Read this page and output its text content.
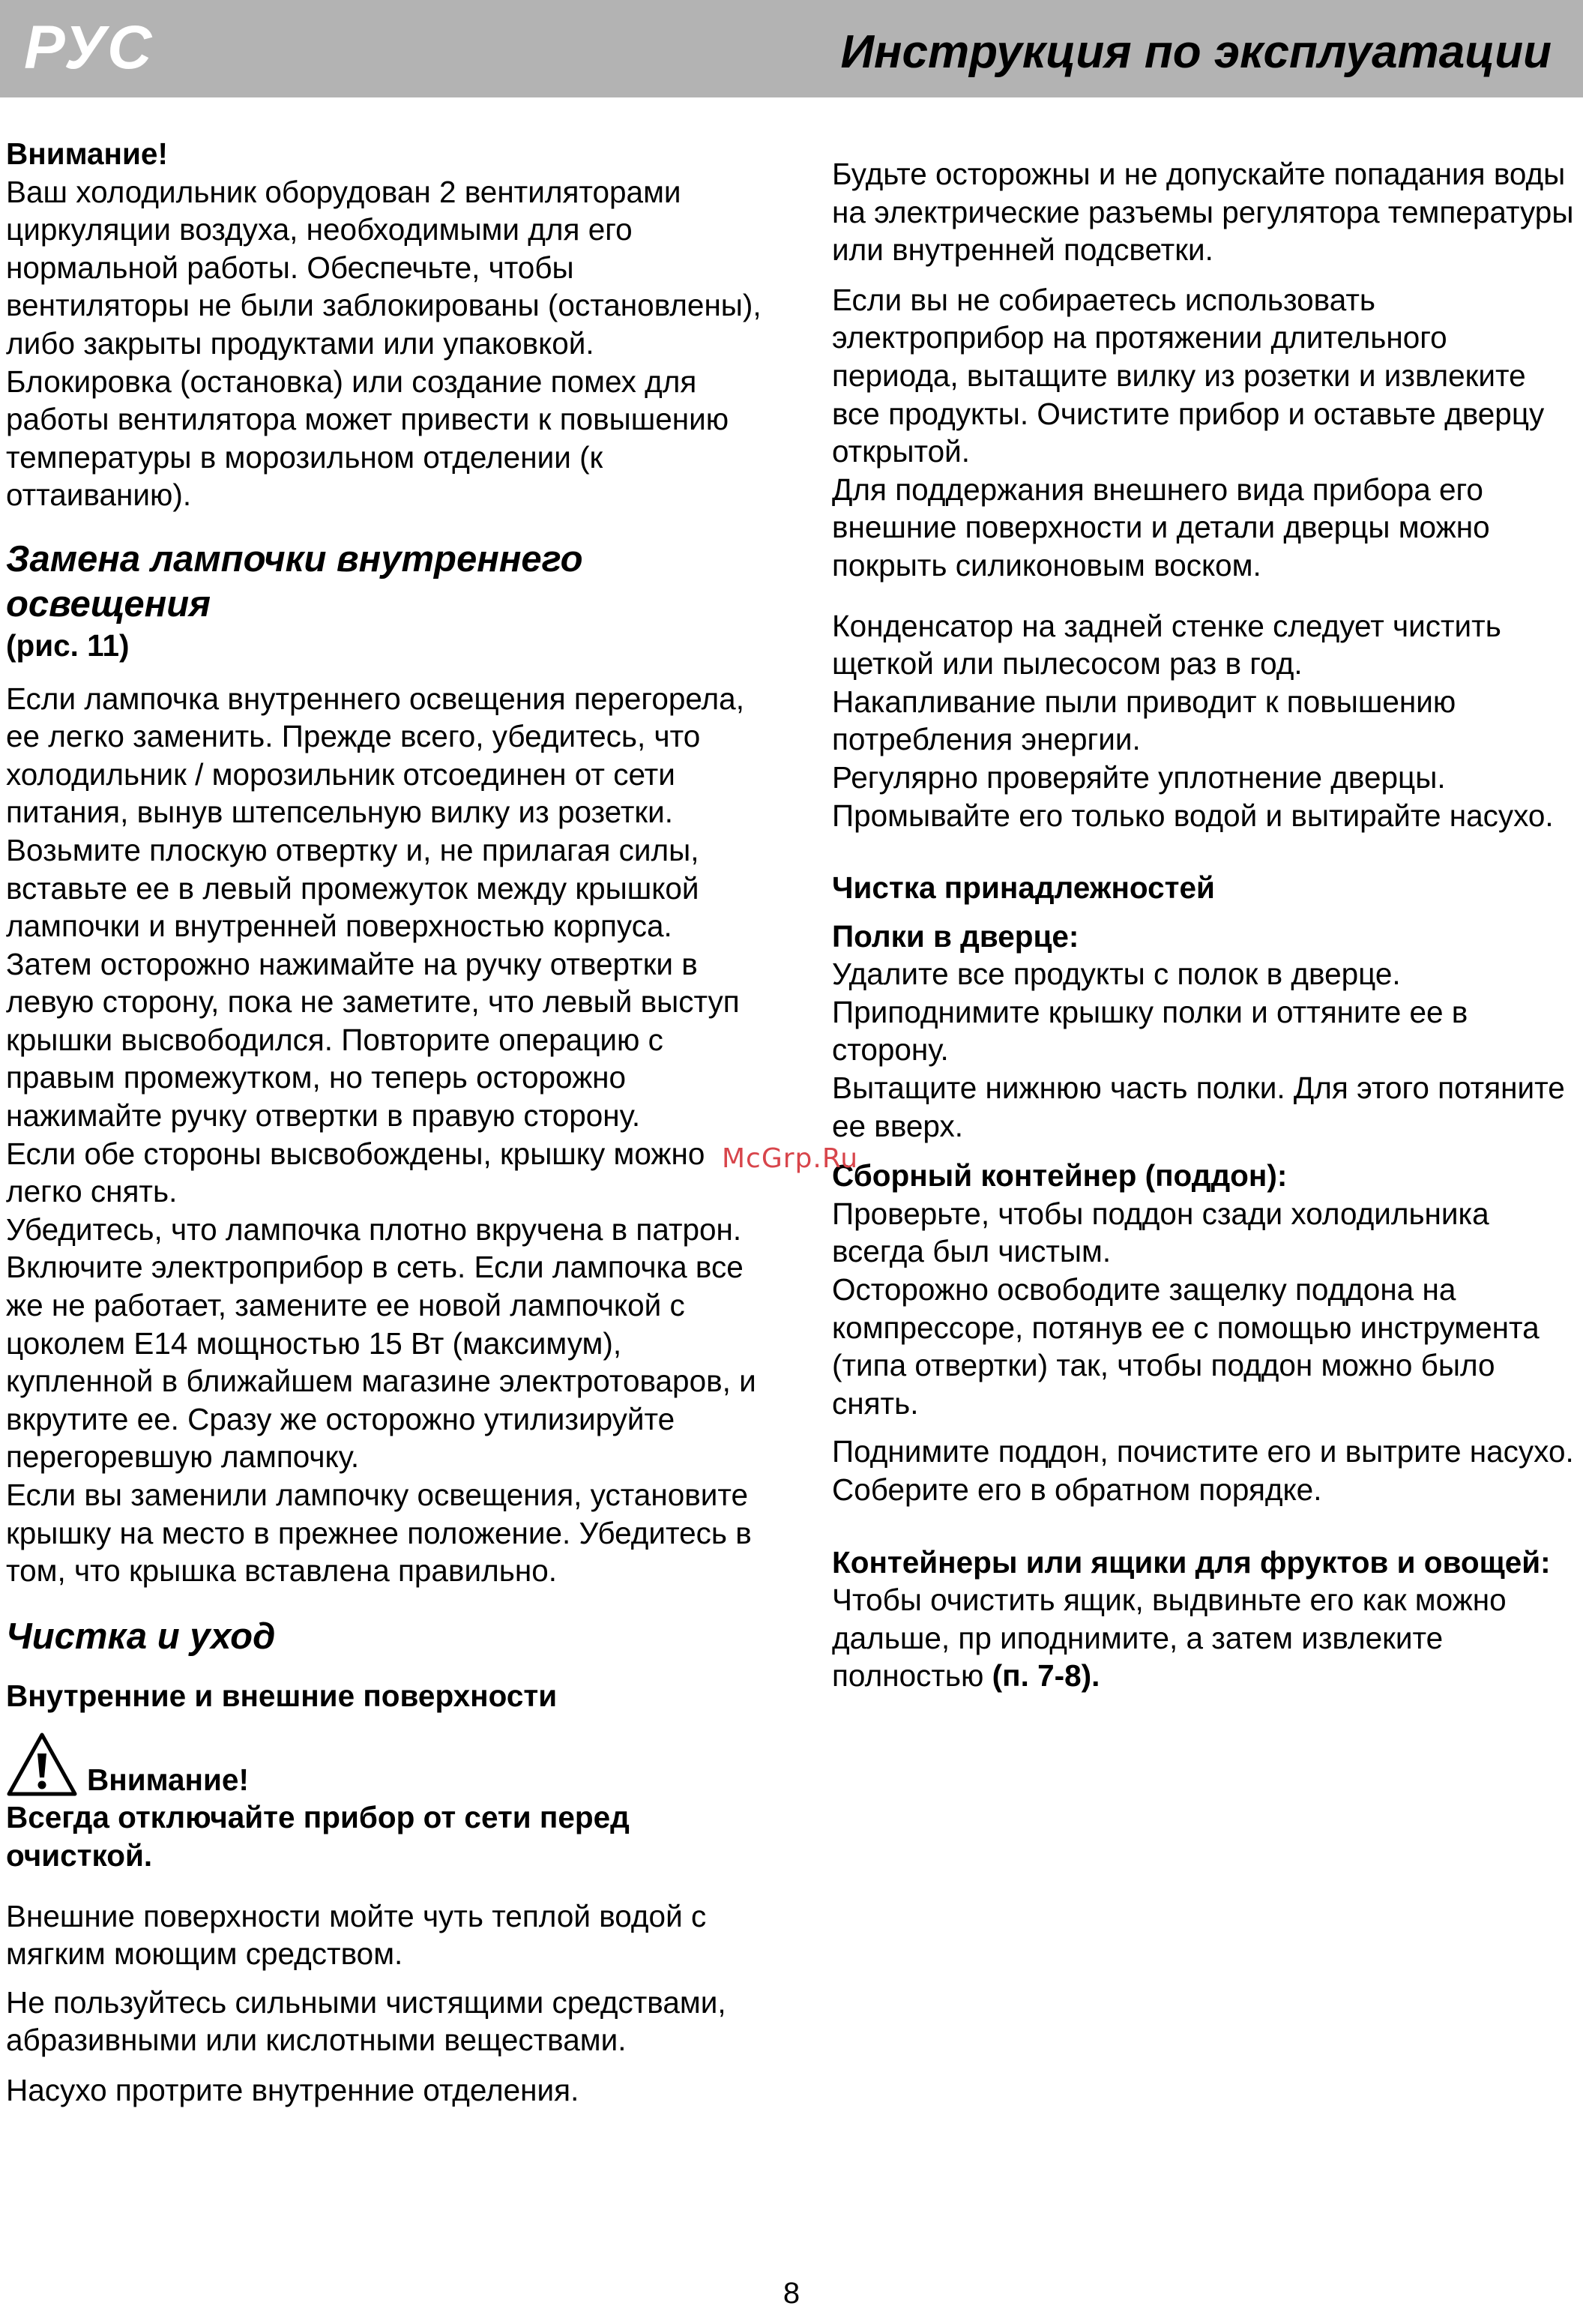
РУС	Инструкция по эксплуатации

Внимание!

Ваш холодильник оборудован 2 вентиляторами циркуляции воздуха, необходимыми для его нормальной работы. Обеспечьте, чтобы вентиляторы не были заблокированы (остановлены), либо закрыты продуктами или упаковкой. Блокировка (остановка) или создание помех для работы вентилятора может привести к повышению температуры в морозильном отделении (к оттаиванию).

Замена лампочки внутреннего освещения

(рис. 11)

Если лампочка внутреннего освещения перегорела, ее легко заменить. Прежде всего, убедитесь, что холодильник / морозильник отсоединен от сети питания, вынув штепсельную вилку из розетки. Возьмите плоскую отвертку и, не прилагая силы, вставьте ее в левый промежуток между крышкой лампочки и внутренней поверхностью корпуса. Затем осторожно нажимайте на ручку отвертки в левую сторону, пока не заметите, что левый выступ крышки высвободился. Повторите операцию с правым промежутком, но теперь осторожно нажимайте ручку отвертки в правую сторону.

Если обе стороны высвобождены, крышку можно легко снять.

Убедитесь, что лампочка плотно вкручена в патрон. Включите электроприбор в сеть. Если лампочка все же не работает, замените ее новой лампочкой с цоколем E14 мощностью 15 Вт (максимум), купленной в ближайшем магазине электротоваров, и вкрутите ее. Сразу же осторожно утилизируйте перегоревшую лампочку.

Если вы заменили лампочку освещения, установите крышку на место в прежнее положение. Убедитесь в том, что крышка вставлена правильно.

Чистка и уход

Внутренние и внешние поверхности

Внимание!

Всегда отключайте прибор от сети перед очисткой.

Внешние поверхности мойте чуть теплой водой с мягким моющим средством.

Не пользуйтесь сильными чистящими средствами, абразивными или кислотными веществами.

Насухо протрите внутренние отделения.

Будьте осторожны и не допускайте попадания воды на электрические разъемы регулятора температуры или внутренней подсветки.

Если вы не собираетесь использовать электроприбор на протяжении длительного периода, вытащите вилку из розетки и извлеките все продукты. Очистите прибор и оставьте дверцу открытой.

Для поддержания внешнего вида прибора его внешние поверхности и детали дверцы можно покрыть силиконовым воском.

Конденсатор на задней стенке следует чистить щеткой или пылесосом раз в год.

Накапливание пыли приводит к повышению потребления энергии.

Регулярно проверяйте уплотнение дверцы. Промывайте его только водой и вытирайте насухо.

Чистка принадлежностей

Полки в дверце:

Удалите все продукты с полок в дверце.

Приподнимите крышку полки и оттяните ее в сторону.

Вытащите нижнюю часть полки. Для этого потяните ее вверх.

Сборный контейнер (поддон):

Проверьте, чтобы поддон сзади холодильника всегда был чистым.

Осторожно освободите защелку поддона на компрессоре, потянув ее с помощью инструмента (типа отвертки) так, чтобы поддон можно было снять.

Поднимите поддон, почистите его и вытрите насухо.

Соберите его в обратном порядке.

Контейнеры или ящики для фруктов и овощей:

Чтобы очистить ящик, выдвиньте его как можно дальше, пр иподнимите, а затем извлеките полностью (п. 7-8).

McGrp.Ru
8
